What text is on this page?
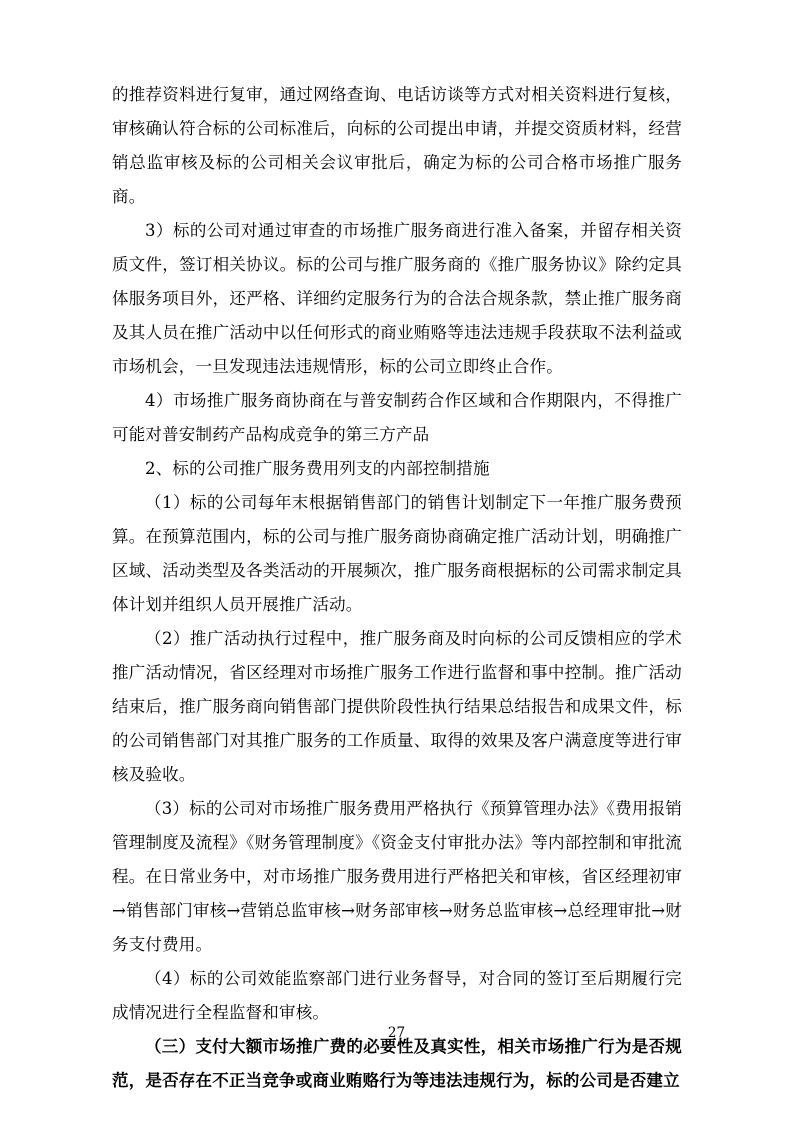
的推荐资料进行复审，通过网络查询、电话访谈等方式对相关资料进行复核，审核确认符合标的公司标准后，向标的公司提出申请，并提交资质材料，经营销总监审核及标的公司相关会议审批后，确定为标的公司合格市场推广服务商。

3）标的公司对通过审查的市场推广服务商进行准入备案，并留存相关资质文件，签订相关协议。标的公司与推广服务商的《推广服务协议》除约定具体服务项目外，还严格、详细约定服务行为的合法合规条款，禁止推广服务商及其人员在推广活动中以任何形式的商业贿赂等违法违规手段获取不法利益或市场机会，一旦发现违法违规情形，标的公司立即终止合作。

4）市场推广服务商协商在与普安制药合作区域和合作期限内，不得推广可能对普安制药产品构成竞争的第三方产品

2、标的公司推广服务费用列支的内部控制措施

（1）标的公司每年末根据销售部门的销售计划制定下一年推广服务费预算。在预算范围内，标的公司与推广服务商协商确定推广活动计划，明确推广区域、活动类型及各类活动的开展频次，推广服务商根据标的公司需求制定具体计划并组织人员开展推广活动。

（2）推广活动执行过程中，推广服务商及时向标的公司反馈相应的学术推广活动情况，省区经理对市场推广服务工作进行监督和事中控制。推广活动结束后，推广服务商向销售部门提供阶段性执行结果总结报告和成果文件，标的公司销售部门对其推广服务的工作质量、取得的效果及客户满意度等进行审核及验收。

（3）标的公司对市场推广服务费用严格执行《预算管理办法》《费用报销管理制度及流程》《财务管理制度》《资金支付审批办法》等内部控制和审批流程。在日常业务中，对市场推广服务费用进行严格把关和审核，省区经理初审→销售部门审核→营销总监审核→财务部审核→财务总监审核→总经理审批→财务支付费用。

（4）标的公司效能监察部门进行业务督导，对合同的签订至后期履行完成情况进行全程监督和审核。

（三）支付大额市场推广费的必要性及真实性，相关市场推广行为是否规范，是否存在不正当竞争或商业贿赂行为等违法违规行为，标的公司是否建立

27
